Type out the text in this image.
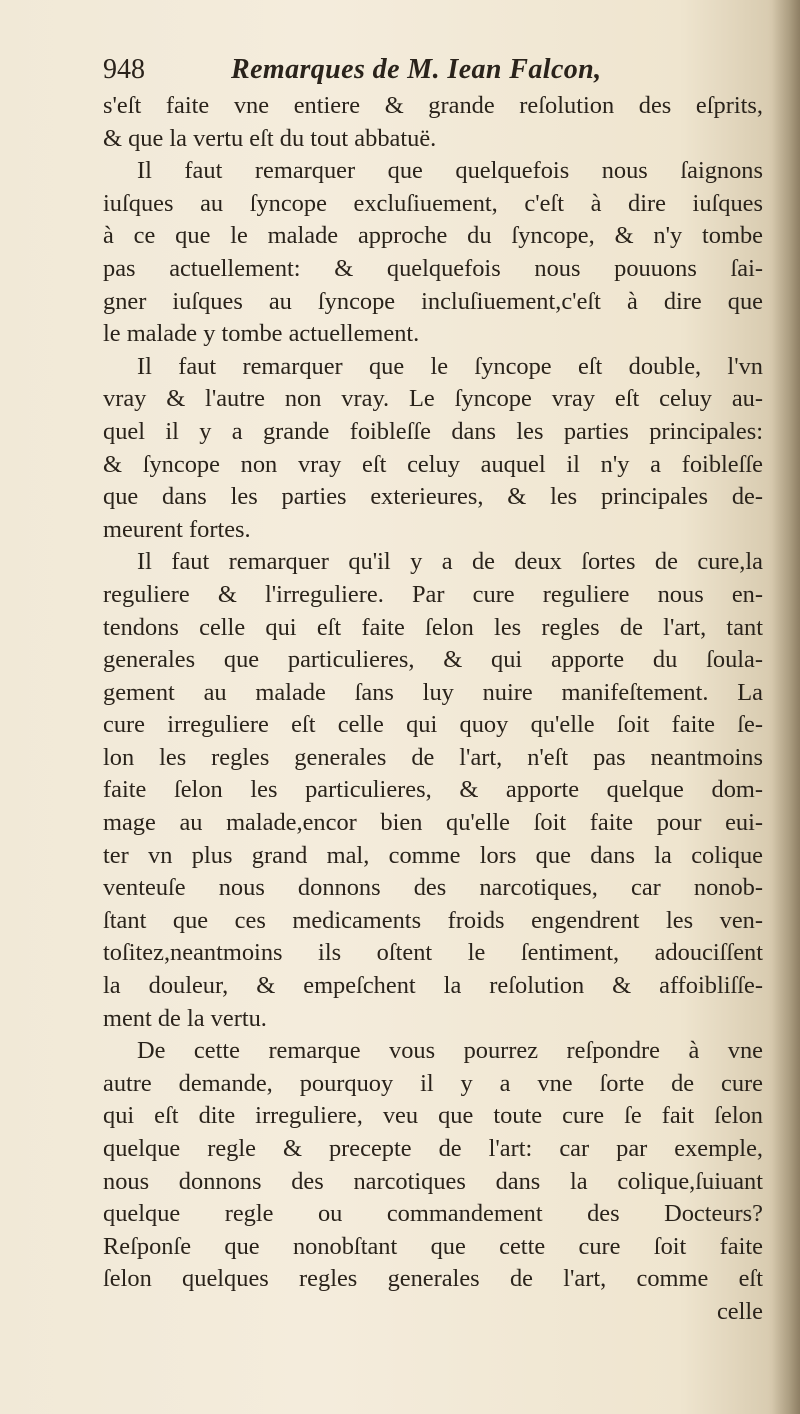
948	Remarques de M. Iean Falcon,
s'eſt faite vne entiere & grande reſolution des eſprits,
& que la vertu eſt du tout abbatuë.
Il faut remarquer que quelquefois nous ſaignons
iuſques au ſyncope excluſiuement, c'eſt à dire iuſques
à ce que le malade approche du ſyncope, & n'y tombe
pas actuellement: & quelquefois nous pouuons ſai-
gner iuſques au ſyncope incluſiuement,c'eſt à dire que
le malade y tombe actuellement.
Il faut remarquer que le ſyncope eſt double, l'vn
vray & l'autre non vray. Le ſyncope vray eſt celuy au-
quel il y a grande foibleſſe dans les parties principales:
& ſyncope non vray eſt celuy auquel il n'y a foibleſſe
que dans les parties exterieures, & les principales de-
meurent fortes.
Il faut remarquer qu'il y a de deux ſortes de cure,la
reguliere & l'irreguliere. Par cure reguliere nous en-
tendons celle qui eſt faite ſelon les regles de l'art, tant
generales que particulieres, & qui apporte du ſoula-
gement au malade ſans luy nuire manifeſtement. La
cure irreguliere eſt celle qui quoy qu'elle ſoit faite ſe-
lon les regles generales de l'art, n'eſt pas neantmoins
faite ſelon les particulieres, & apporte quelque dom-
mage au malade,encor bien qu'elle ſoit faite pour eui-
ter vn plus grand mal, comme lors que dans la colique
venteuſe nous donnons des narcotiques, car nonob-
ſtant que ces medicaments froids engendrent les ven-
toſitez,neantmoins ils oſtent le ſentiment, adouciſſent
la douleur, & empeſchent la reſolution & affoibliſſe-
ment de la vertu.
De cette remarque vous pourrez reſpondre à vne
autre demande, pourquoy il y a vne ſorte de cure
qui eſt dite irreguliere, veu que toute cure ſe fait ſelon
quelque regle & precepte de l'art: car par exemple,
nous donnons des narcotiques dans la colique,ſuiuant
quelque regle ou commandement des Docteurs?
Reſponſe que nonobſtant que cette cure ſoit faite
ſelon quelques regles generales de l'art, comme eſt
celle
